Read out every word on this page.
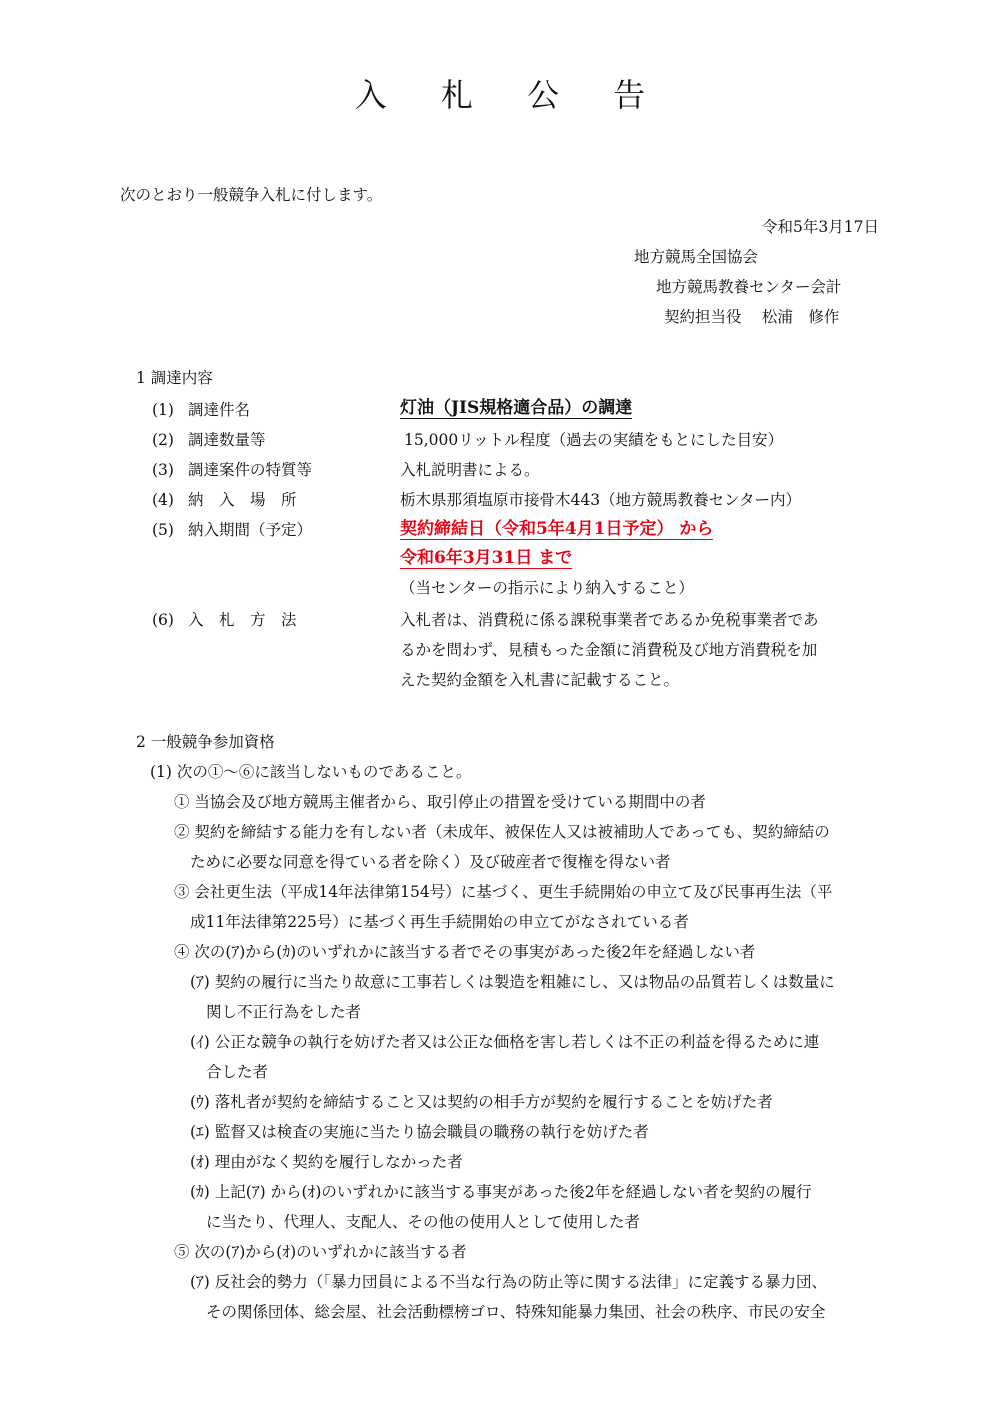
入 札 公 告
次のとおり一般競争入札に付します。
令和5年3月17日
地方競馬全国協会
地方競馬教養センター会計
契約担当役　 松浦　修作
1 調達内容
(1) 調達件名	灯油（JIS規格適合品）の調達
(2) 調達数量等	15,000リットル程度（過去の実績をもとにした目安）
(3) 調達案件の特質等	入札説明書による。
(4) 納　入　場　所	栃木県那須塩原市接骨木443（地方競馬教養センター内）
(5) 納入期間（予定）	契約締結日（令和5年4月1日予定） から
令和6年3月31日 まで
（当センターの指示により納入すること）
(6) 入　札　方　法	入札者は、消費税に係る課税事業者であるか免税事業者であ
るかを問わず、見積もった金額に消費税及び地方消費税を加
えた契約金額を入札書に記載すること。
2 一般競争参加資格
(1) 次の①～⑥に該当しないものであること。
① 当協会及び地方競馬主催者から、取引停止の措置を受けている期間中の者
② 契約を締結する能力を有しない者（未成年、被保佐人又は被補助人であっても、契約締結の
ために必要な同意を得ている者を除く）及び破産者で復権を得ない者
③ 会社更生法（平成14年法律第154号）に基づく、更生手続開始の申立て及び民事再生法（平
成11年法律第225号）に基づく再生手続開始の申立てがなされている者
④ 次の(ｱ)から(ｶ)のいずれかに該当する者でその事実があった後2年を経過しない者
(ｱ) 契約の履行に当たり故意に工事若しくは製造を粗雑にし、又は物品の品質若しくは数量に
関し不正行為をした者
(ｲ) 公正な競争の執行を妨げた者又は公正な価格を害し若しくは不正の利益を得るために連
合した者
(ｳ) 落札者が契約を締結すること又は契約の相手方が契約を履行することを妨げた者
(ｴ) 監督又は検査の実施に当たり協会職員の職務の執行を妨げた者
(ｵ) 理由がなく契約を履行しなかった者
(ｶ) 上記(ｱ) から(ｵ)のいずれかに該当する事実があった後2年を経過しない者を契約の履行
に当たり、代理人、支配人、その他の使用人として使用した者
⑤ 次の(ｱ)から(ｵ)のいずれかに該当する者
(ｱ) 反社会的勢力（「暴力団員による不当な行為の防止等に関する法律」に定義する暴力団、
その関係団体、総会屋、社会活動標榜ゴロ、特殊知能暴力集団、社会の秩序、市民の安全
